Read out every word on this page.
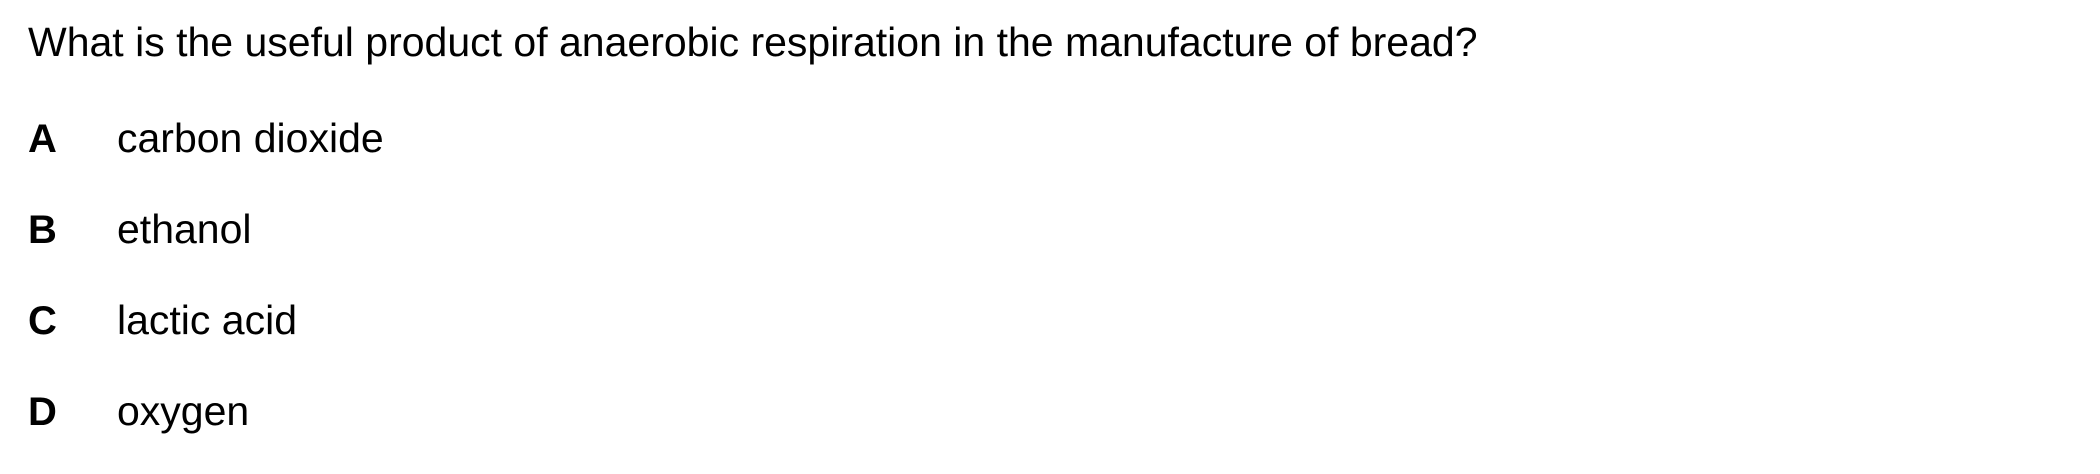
What is the useful product of anaerobic respiration in the manufacture of bread?
A	carbon dioxide
B	ethanol
C	lactic acid
D	oxygen
